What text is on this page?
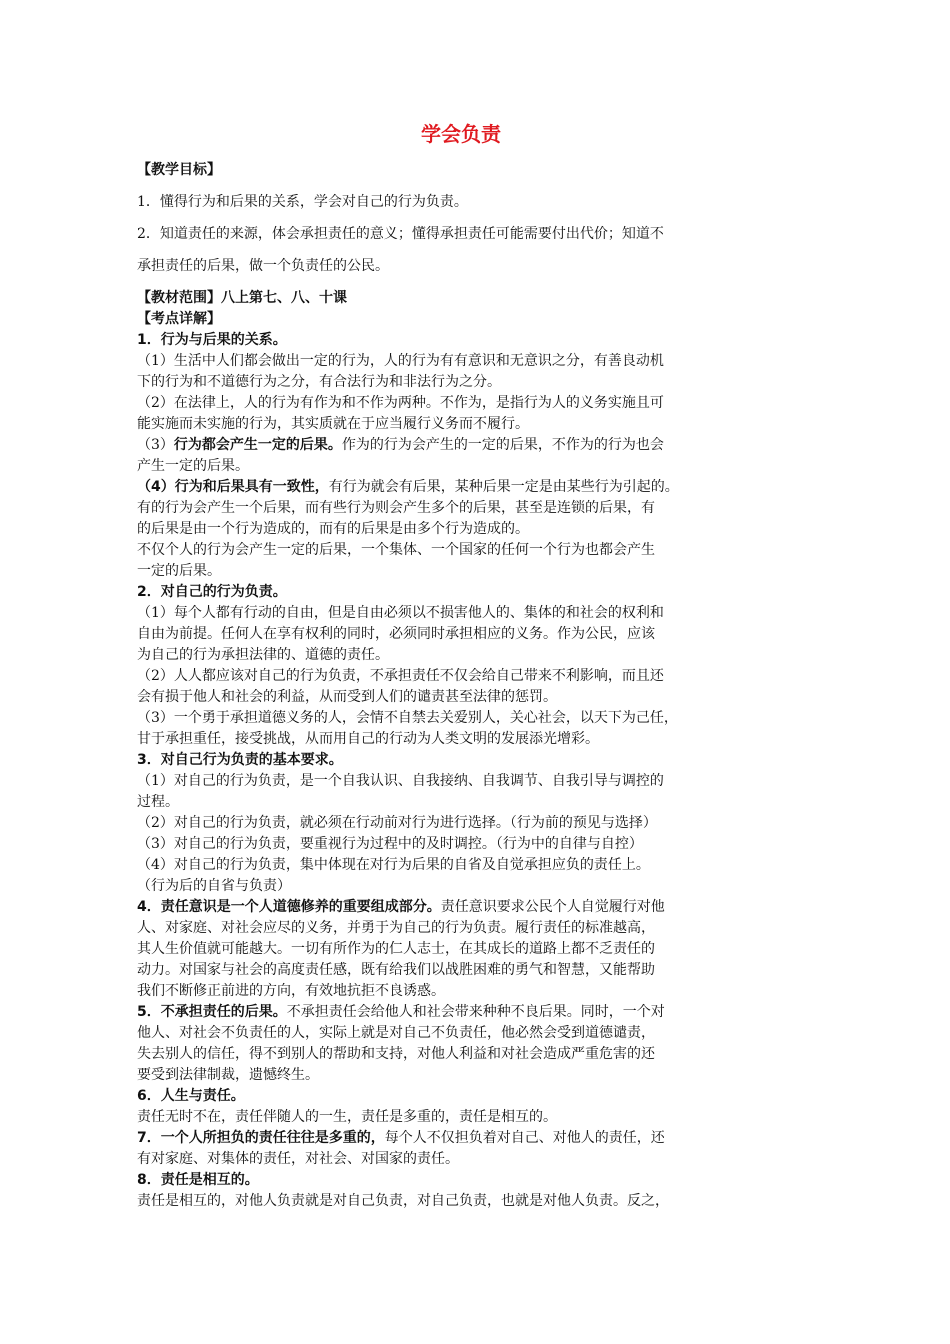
学会负责
【教学目标】
1．懂得行为和后果的关系，学会对自己的行为负责。
2．知道责任的来源，体会承担责任的意义；懂得承担责任可能需要付出代价；知道不
承担责任的后果，做一个负责任的公民。
【教材范围】八上第七、八、十课
【考点详解】
1．行为与后果的关系。
（1）生活中人们都会做出一定的行为，人的行为有有意识和无意识之分，有善良动机
下的行为和不道德行为之分，有合法行为和非法行为之分。
（2）在法律上，人的行为有作为和不作为两种。不作为，是指行为人的义务实施且可
能实施而未实施的行为，其实质就在于应当履行义务而不履行。
（3）行为都会产生一定的后果。作为的行为会产生的一定的后果，不作为的行为也会
产生一定的后果。
（4）行为和后果具有一致性，有行为就会有后果，某种后果一定是由某些行为引起的。
有的行为会产生一个后果，而有些行为则会产生多个的后果，甚至是连锁的后果，有
的后果是由一个行为造成的，而有的后果是由多个行为造成的。
不仅个人的行为会产生一定的后果，一个集体、一个国家的任何一个行为也都会产生
一定的后果。
2．对自己的行为负责。
（1）每个人都有行动的自由，但是自由必须以不损害他人的、集体的和社会的权利和
自由为前提。任何人在享有权利的同时，必须同时承担相应的义务。作为公民，应该
为自己的行为承担法律的、道德的责任。
（2）人人都应该对自己的行为负责，不承担责任不仅会给自己带来不利影响，而且还
会有损于他人和社会的利益，从而受到人们的谴责甚至法律的惩罚。
（3）一个勇于承担道德义务的人，会情不自禁去关爱别人，关心社会，以天下为己任，
甘于承担重任，接受挑战，从而用自己的行动为人类文明的发展添光增彩。
3．对自己行为负责的基本要求。
（1）对自己的行为负责，是一个自我认识、自我接纳、自我调节、自我引导与调控的
过程。
（2）对自己的行为负责，就必须在行动前对行为进行选择。（行为前的预见与选择）
（3）对自己的行为负责，要重视行为过程中的及时调控。（行为中的自律与自控）
（4）对自己的行为负责，集中体现在对行为后果的自省及自觉承担应负的责任上。
（行为后的自省与负责）
4．责任意识是一个人道德修养的重要组成部分。责任意识要求公民个人自觉履行对他
人、对家庭、对社会应尽的义务，并勇于为自己的行为负责。履行责任的标准越高，
其人生价值就可能越大。一切有所作为的仁人志士，在其成长的道路上都不乏责任的
动力。对国家与社会的高度责任感，既有给我们以战胜困难的勇气和智慧，又能帮助
我们不断修正前进的方向，有效地抗拒不良诱惑。
5．不承担责任的后果。不承担责任会给他人和社会带来种种不良后果。同时，一个对
他人、对社会不负责任的人，实际上就是对自己不负责任，他必然会受到道德谴责，
失去别人的信任，得不到别人的帮助和支持，对他人利益和对社会造成严重危害的还
要受到法律制裁，遗憾终生。
6．人生与责任。
责任无时不在，责任伴随人的一生，责任是多重的，责任是相互的。
7．一个人所担负的责任往往是多重的，每个人不仅担负着对自己、对他人的责任，还
有对家庭、对集体的责任，对社会、对国家的责任。
8．责任是相互的。
责任是相互的，对他人负责就是对自己负责，对自己负责，也就是对他人负责。反之，
